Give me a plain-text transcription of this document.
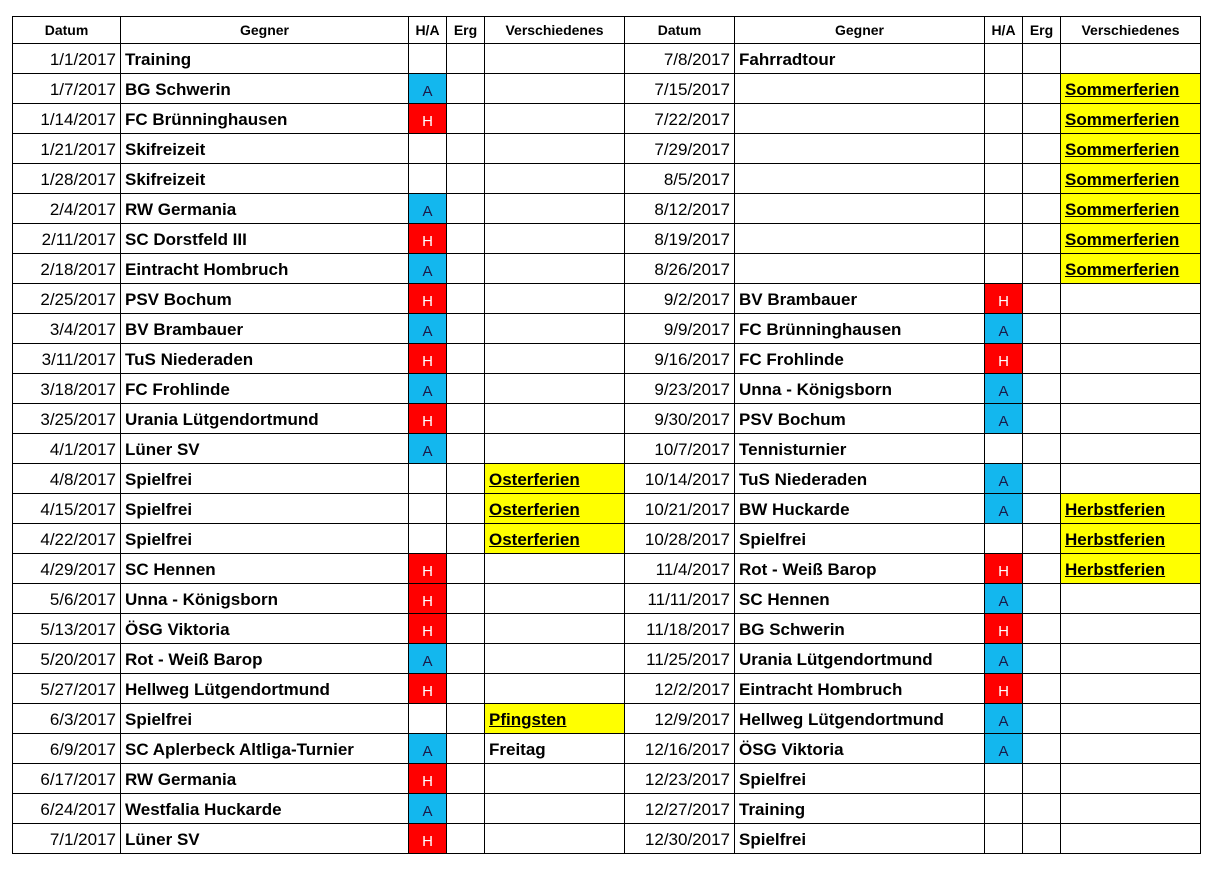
Datum	Gegner	H/A	Erg	Verschiedenes	Datum	Gegner	H/A	Erg	Verschiedenes
1/1/2017	Training				7/8/2017	Fahrradtour			
1/7/2017	BG Schwerin	A			7/15/2017				Sommerferien
1/14/2017	FC Brünninghausen	H			7/22/2017				Sommerferien
1/21/2017	Skifreizeit				7/29/2017				Sommerferien
1/28/2017	Skifreizeit				8/5/2017				Sommerferien
2/4/2017	RW Germania	A			8/12/2017				Sommerferien
2/11/2017	SC Dorstfeld III	H			8/19/2017				Sommerferien
2/18/2017	Eintracht Hombruch	A			8/26/2017				Sommerferien
2/25/2017	PSV Bochum	H			9/2/2017	BV Brambauer	H		
3/4/2017	BV Brambauer	A			9/9/2017	FC Brünninghausen	A		
3/11/2017	TuS Niederaden	H			9/16/2017	FC Frohlinde	H		
3/18/2017	FC Frohlinde	A			9/23/2017	Unna - Königsborn	A		
3/25/2017	Urania Lütgendortmund	H			9/30/2017	PSV Bochum	A		
4/1/2017	Lüner SV	A			10/7/2017	Tennisturnier			
4/8/2017	Spielfrei			Osterferien	10/14/2017	TuS Niederaden	A		
4/15/2017	Spielfrei			Osterferien	10/21/2017	BW Huckarde	A		Herbstferien
4/22/2017	Spielfrei			Osterferien	10/28/2017	Spielfrei			Herbstferien
4/29/2017	SC Hennen	H			11/4/2017	Rot - Weiß Barop	H		Herbstferien
5/6/2017	Unna - Königsborn	H			11/11/2017	SC Hennen	A		
5/13/2017	ÖSG Viktoria	H			11/18/2017	BG Schwerin	H		
5/20/2017	Rot - Weiß Barop	A			11/25/2017	Urania Lütgendortmund	A		
5/27/2017	Hellweg Lütgendortmund	H			12/2/2017	Eintracht Hombruch	H		
6/3/2017	Spielfrei			Pfingsten	12/9/2017	Hellweg Lütgendortmund	A		
6/9/2017	SC Aplerbeck Altliga-Turnier	A		Freitag	12/16/2017	ÖSG Viktoria	A		
6/17/2017	RW Germania	H			12/23/2017	Spielfrei			
6/24/2017	Westfalia Huckarde	A			12/27/2017	Training			
7/1/2017	Lüner SV	H			12/30/2017	Spielfrei			
